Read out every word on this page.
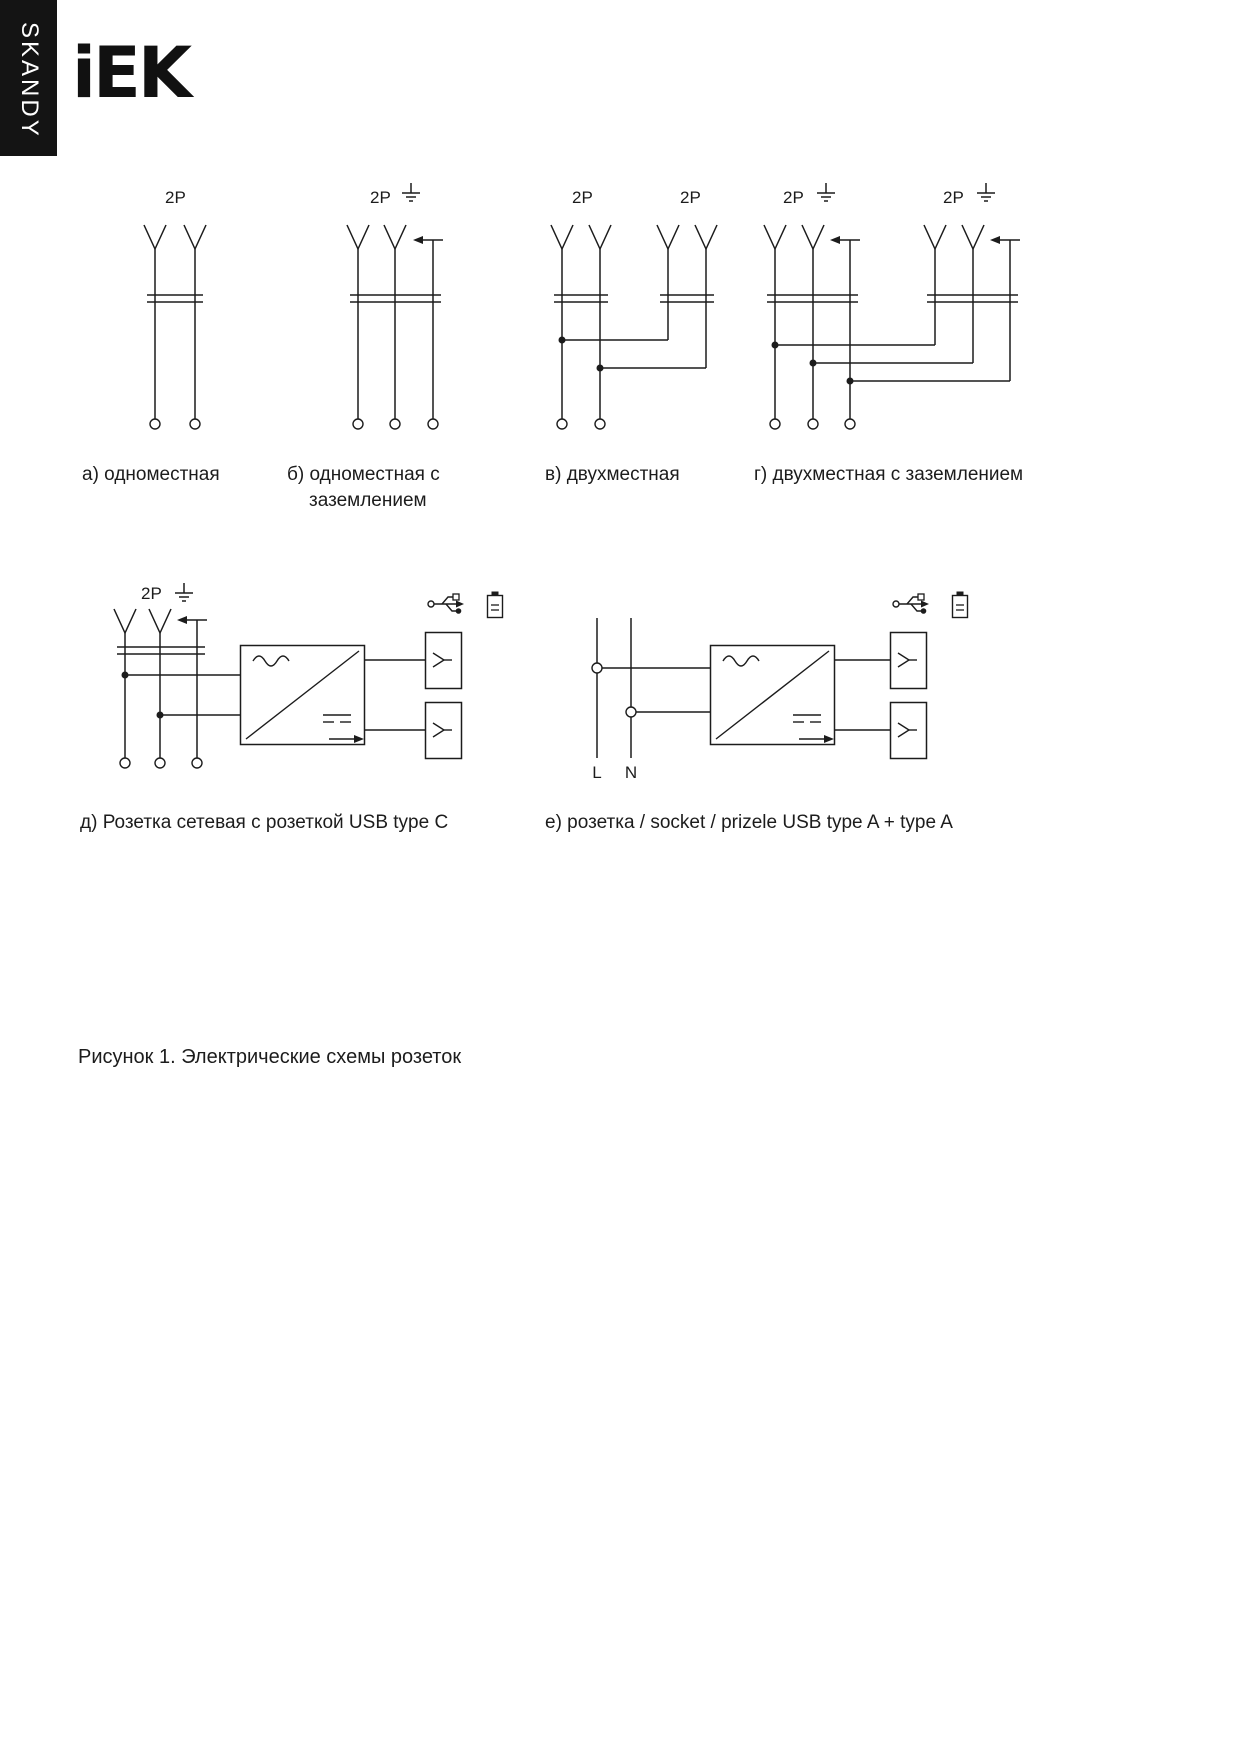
SKANDY iEK
2P	2P	2P	2P	2P	2P
2P
L N
а) одноместная	б) одноместная с заземлением
в) двухместная	г) двухместная с заземлением
д) Розетка сетевая с розеткой USB type C	е) розетка / socket / prizele USB type A + type A
Рисунок 1. Электрические схемы розеток
